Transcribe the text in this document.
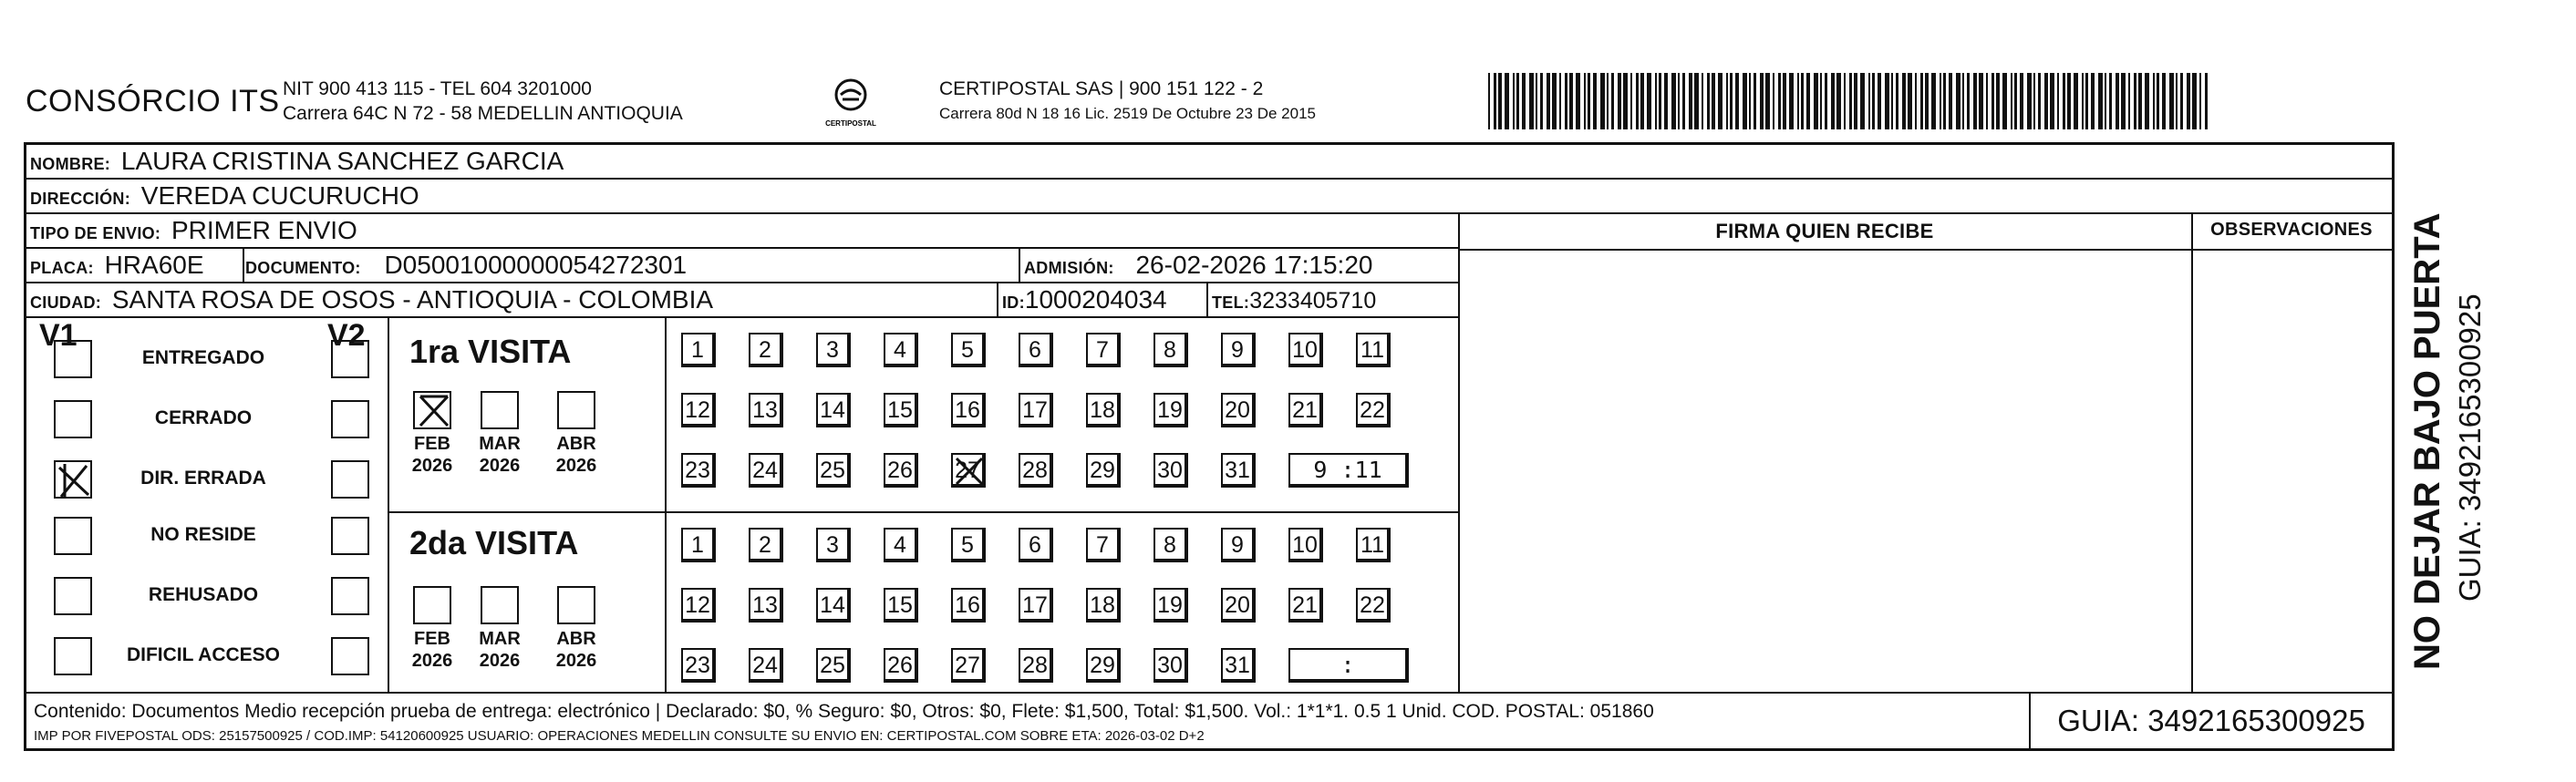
CONSÓRCIO ITS NIT 900 413 115 - TEL 604 3201000
Carrera 64C N 72 - 58 MEDELLIN ANTIOQUIA	CERTIPOSTAL
CERTIPOSTAL SAS | 900 151 122 - 2
Carrera 80d N 18 16 Lic. 2519 De Octubre 23 De 2015
NOMBRE: LAURA CRISTINA SANCHEZ GARCIA
DIRECCIÓN: VEREDA CUCURUCHO
TIPO DE ENVIO: PRIMER ENVIO
PLACA: HRA60E	DOCUMENTO: D05001000000054272301	ADMISIÓN: 26-02-2026 17:15:20
CIUDAD: SANTA ROSA DE OSOS - ANTIOQUIA - COLOMBIA	ID:1000204034	TEL:3233405710
FIRMA QUIEN RECIBE	OBSERVACIONES
V1	V2
ENTREGADO
CERRADO
DIR. ERRADA
NO RESIDE
REHUSADO
DIFICIL ACCESO
1ra VISITA
2da VISITA
FEB
2026
MAR
2026
ABR
2026
FEB
2026
MAR
2026
ABR
2026
1	2	3	4	5	6	7	8	9	10 11
12 13 14 15 16 17 18 19 20 21 22
23 24 25 26 27 28 29 30 31	9 :11
1	2	3	4	5	6	7	8	9	10 11
12 13 14 15 16 17 18 19 20 21 22
23 24 25 26 27 28 29 30 31	:
Contenido: Documentos Medio recepción prueba de entrega: electrónico | Declarado: $0, % Seguro: $0, Otros: $0, Flete: $1,500, Total: $1,500. Vol.: 1*1*1. 0.5 1 Unid. COD. POSTAL: 051860
IMP POR FIVEPOSTAL ODS: 25157500925 / COD.IMP: 54120600925 USUARIO: OPERACIONES MEDELLIN CONSULTE SU ENVIO EN: CERTIPOSTAL.COM SOBRE ETA: 2026-03-02 D+2	GUIA: 3492165300925
NO DEJAR BAJO PUERTA GUIA: 3492165300925
